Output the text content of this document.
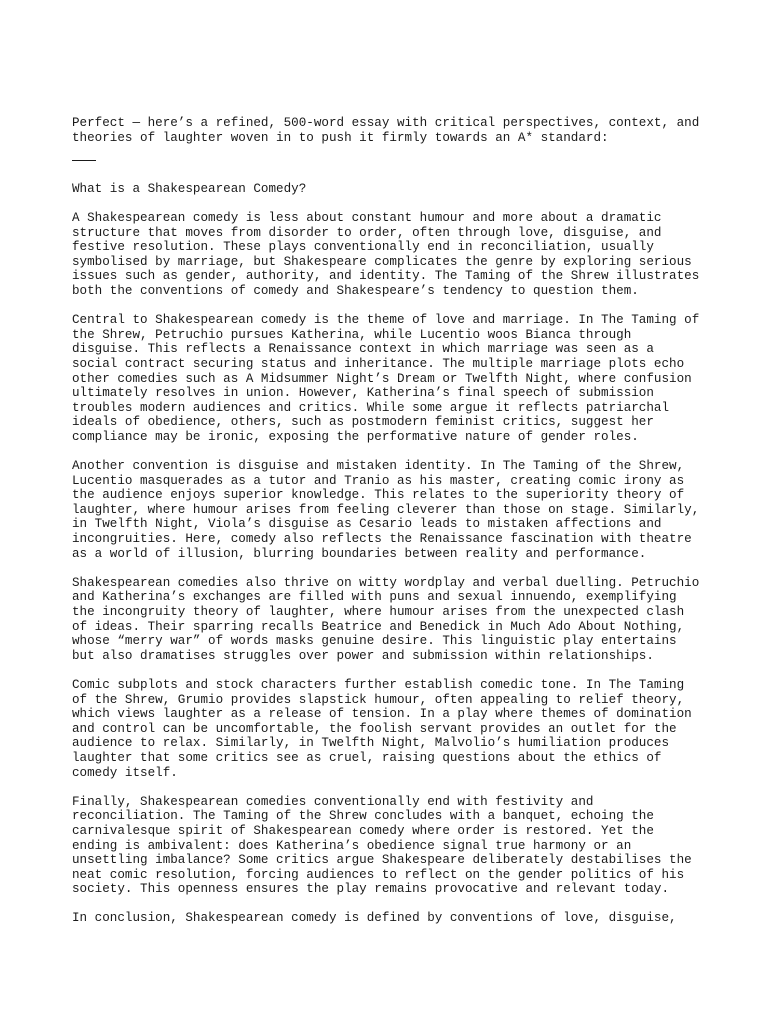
Perfect — here’s a refined, 500-word essay with critical perspectives, context, and
theories of laughter woven in to push it firmly towards an A* standard:

What is a Shakespearean Comedy?

A Shakespearean comedy is less about constant humour and more about a dramatic
structure that moves from disorder to order, often through love, disguise, and
festive resolution. These plays conventionally end in reconciliation, usually
symbolised by marriage, but Shakespeare complicates the genre by exploring serious
issues such as gender, authority, and identity. The Taming of the Shrew illustrates
both the conventions of comedy and Shakespeare’s tendency to question them.

Central to Shakespearean comedy is the theme of love and marriage. In The Taming of
the Shrew, Petruchio pursues Katherina, while Lucentio woos Bianca through
disguise. This reflects a Renaissance context in which marriage was seen as a
social contract securing status and inheritance. The multiple marriage plots echo
other comedies such as A Midsummer Night’s Dream or Twelfth Night, where confusion
ultimately resolves in union. However, Katherina’s final speech of submission
troubles modern audiences and critics. While some argue it reflects patriarchal
ideals of obedience, others, such as postmodern feminist critics, suggest her
compliance may be ironic, exposing the performative nature of gender roles.

Another convention is disguise and mistaken identity. In The Taming of the Shrew,
Lucentio masquerades as a tutor and Tranio as his master, creating comic irony as
the audience enjoys superior knowledge. This relates to the superiority theory of
laughter, where humour arises from feeling cleverer than those on stage. Similarly,
in Twelfth Night, Viola’s disguise as Cesario leads to mistaken affections and
incongruities. Here, comedy also reflects the Renaissance fascination with theatre
as a world of illusion, blurring boundaries between reality and performance.

Shakespearean comedies also thrive on witty wordplay and verbal duelling. Petruchio
and Katherina’s exchanges are filled with puns and sexual innuendo, exemplifying
the incongruity theory of laughter, where humour arises from the unexpected clash
of ideas. Their sparring recalls Beatrice and Benedick in Much Ado About Nothing,
whose “merry war” of words masks genuine desire. This linguistic play entertains
but also dramatises struggles over power and submission within relationships.

Comic subplots and stock characters further establish comedic tone. In The Taming
of the Shrew, Grumio provides slapstick humour, often appealing to relief theory,
which views laughter as a release of tension. In a play where themes of domination
and control can be uncomfortable, the foolish servant provides an outlet for the
audience to relax. Similarly, in Twelfth Night, Malvolio’s humiliation produces
laughter that some critics see as cruel, raising questions about the ethics of
comedy itself.

Finally, Shakespearean comedies conventionally end with festivity and
reconciliation. The Taming of the Shrew concludes with a banquet, echoing the
carnivalesque spirit of Shakespearean comedy where order is restored. Yet the
ending is ambivalent: does Katherina’s obedience signal true harmony or an
unsettling imbalance? Some critics argue Shakespeare deliberately destabilises the
neat comic resolution, forcing audiences to reflect on the gender politics of his
society. This openness ensures the play remains provocative and relevant today.

In conclusion, Shakespearean comedy is defined by conventions of love, disguise,
